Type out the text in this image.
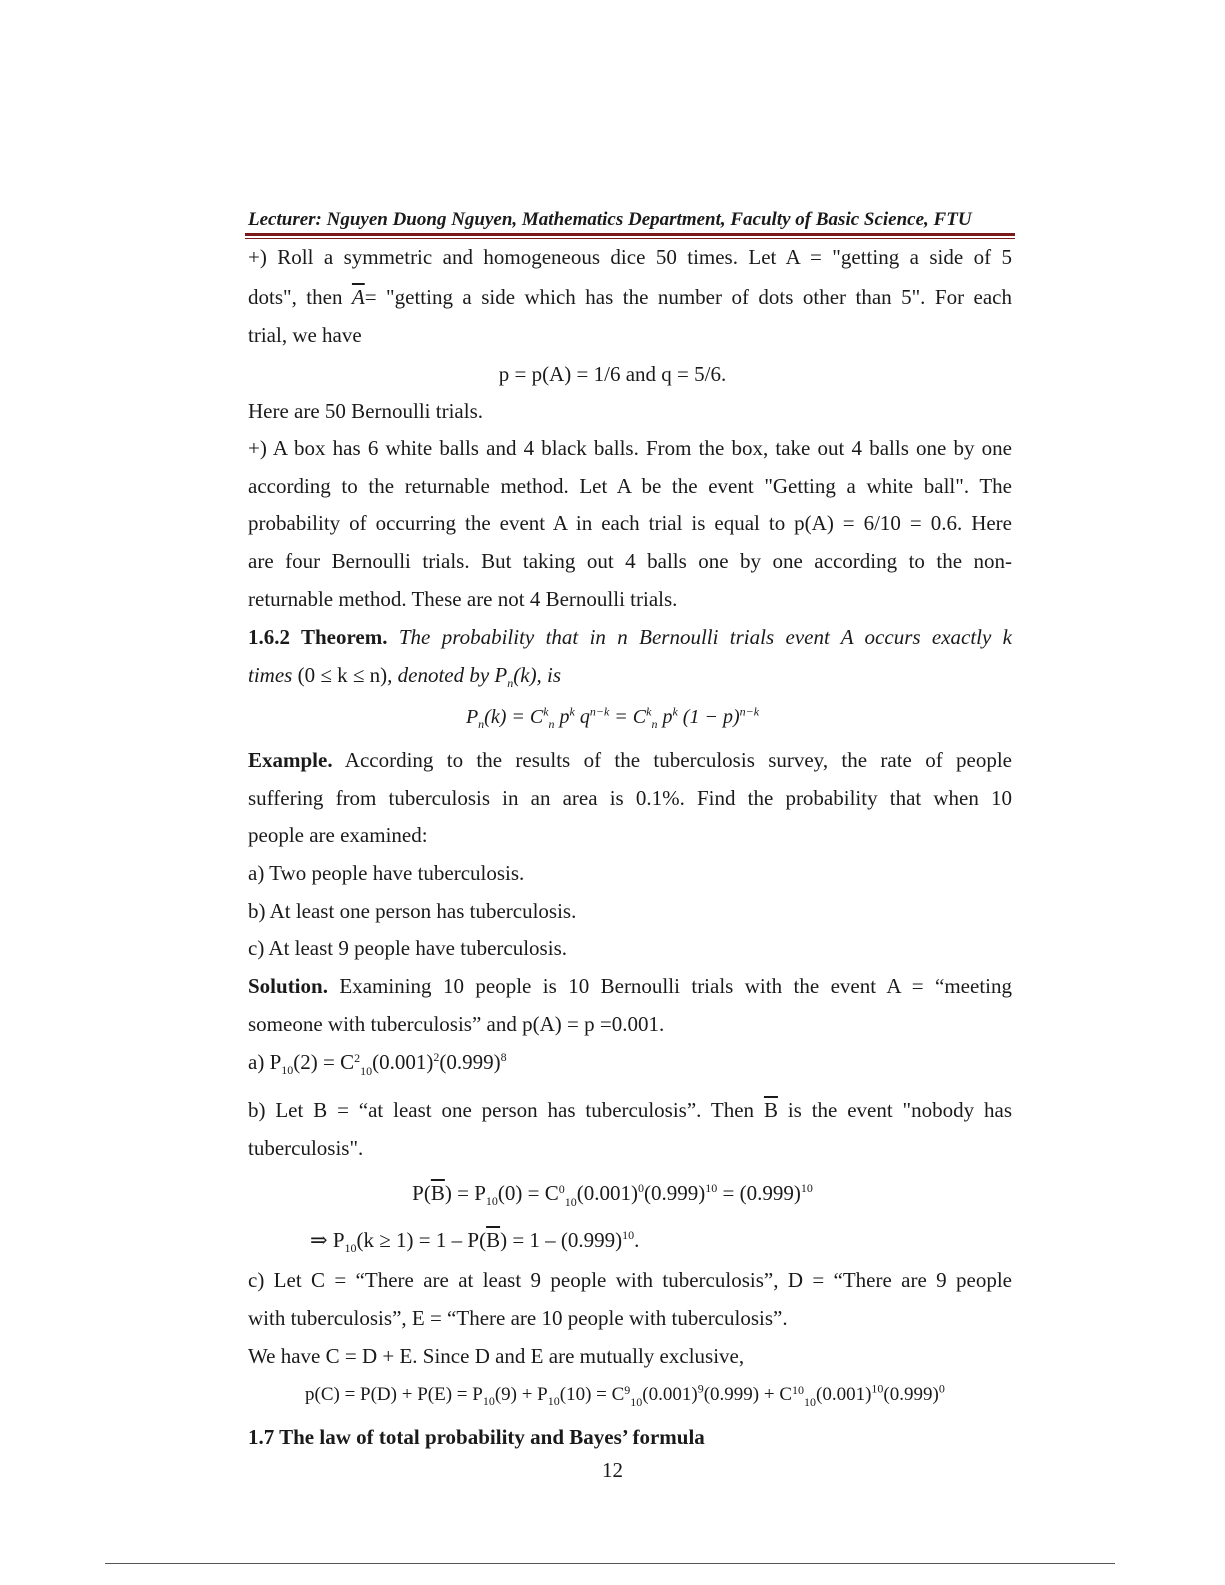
Lecturer: Nguyen Duong Nguyen, Mathematics Department, Faculty of Basic Science, FTU
+) Roll a symmetric and homogeneous dice 50 times. Let A = "getting a side of 5
dots", then $\overline{A}=$ "getting a side which has the number of dots other than 5". For each
trial, we have
p = p(A) = 1/6 and q = 5/6.
Here are 50 Bernoulli trials.
+) A box has 6 white balls and 4 black balls. From the box, take out 4 balls one by one
according to the returnable method. Let A be the event "Getting a white ball". The
probability of occurring the event A in each trial is equal to p(A) = 6/10 = 0.6. Here
are four Bernoulli trials. But taking out 4 balls one by one according to the non-
returnable method. These are not 4 Bernoulli trials.
1.6.2 Theorem. The probability that in n Bernoulli trials event A occurs exactly k
times (0 ≤ k ≤ n), denoted by $P_n(k)$, is
$P_n(k) = C^k_n$ $p^k$ $q^{n-k} = C^k_n$ $p^k$ $(1 - p)^{n-k}$
Example. According to the results of the tuberculosis survey, the rate of people
suffering from tuberculosis in an area is 0.1%. Find the probability that when 10
people are examined:
a) Two people have tuberculosis.
b) At least one person has tuberculosis.
c) At least 9 people have tuberculosis.
Solution. Examining 10 people is 10 Bernoulli trials with the event A = “meeting
someone with tuberculosis” and p(A) = p =0.001.
a) $P_{10}(2) = C^2_{10}(0.001)^2(0.999)^8$
b) Let B = “at least one person has tuberculosis”. Then $\overline{B}$ is the event "nobody has
tuberculosis".
$P(\overline{B}) = P_{10}(0) = C^0_{10}(0.001)^0(0.999)^{10} = (0.999)^{10}$
⇒ $P_{10}(k \ge 1) = 1 - P(\overline{B}) = 1 - (0.999)^{10}$.
c) Let C = “There are at least 9 people with tuberculosis”, D = “There are 9 people
with tuberculosis”, E = “There are 10 people with tuberculosis”.
We have C = D + E. Since D and E are mutually exclusive,
$p(C) = P(D) + P(E) = P_{10}(9) + P_{10}(10) = C^9_{10}(0.001)^9(0.999) + C^{10}_{10}(0.001)^{10}(0.999)^0$
1.7 The law of total probability and Bayes’ formula
12
